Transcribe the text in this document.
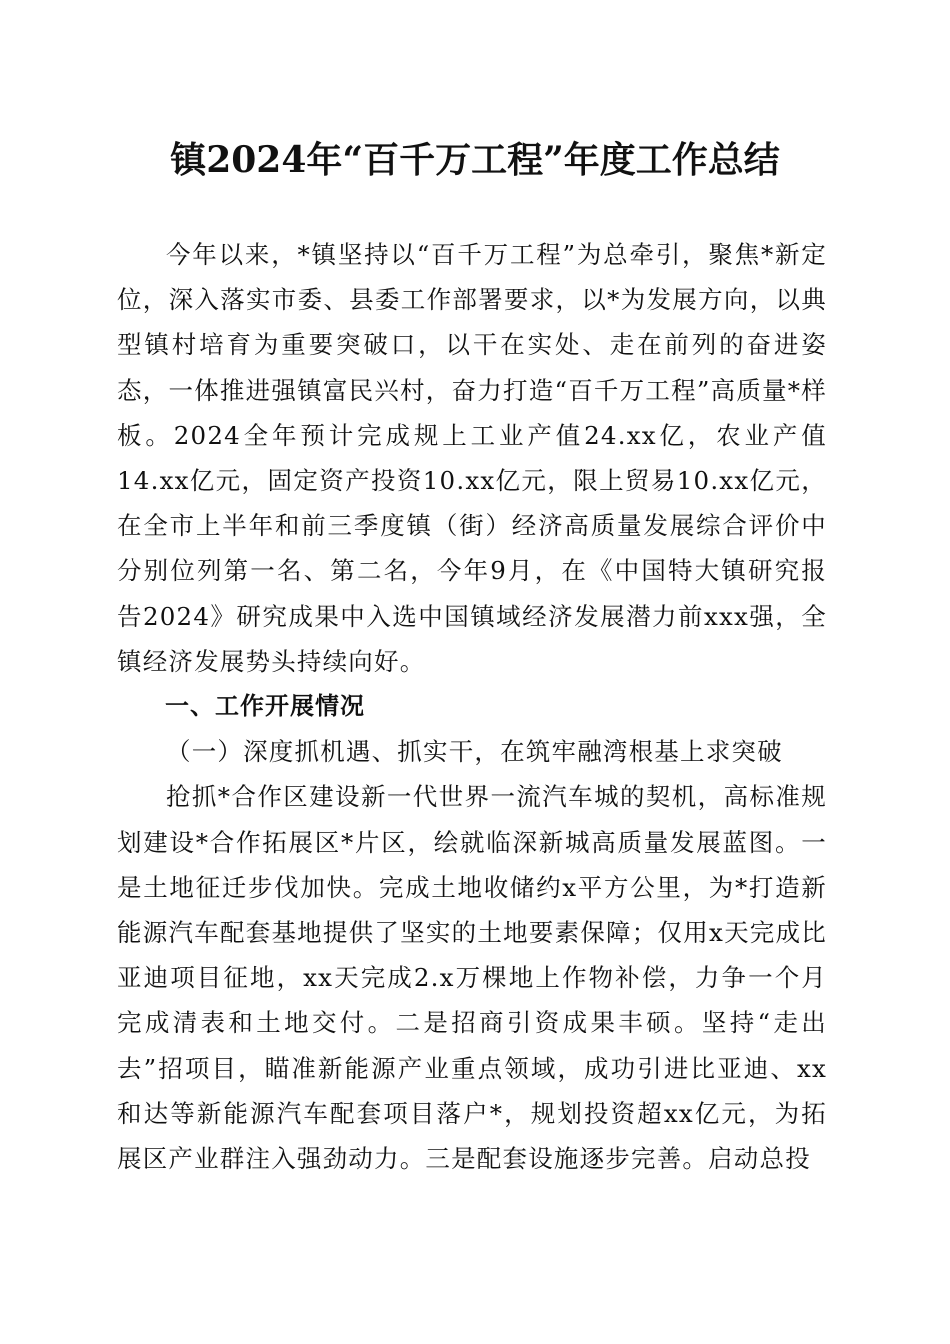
镇2024年“百千万工程”年度工作总结

今年以来，*镇坚持以“百千万工程”为总牵引，聚焦*新定位，深入落实市委、县委工作部署要求，以*为发展方向，以典型镇村培育为重要突破口，以干在实处、走在前列的奋进姿态，一体推进强镇富民兴村，奋力打造“百千万工程”高质量*样板。2024全年预计完成规上工业产值24.xx亿，农业产值14.xx亿元，固定资产投资10.xx亿元，限上贸易10.xx亿元，在全市上半年和前三季度镇（街）经济高质量发展综合评价中分别位列第一名、第二名，今年9月，在《中国特大镇研究报告2024》研究成果中入选中国镇域经济发展潜力前xxx强，全镇经济发展势头持续向好。

一、工作开展情况

（一）深度抓机遇、抓实干，在筑牢融湾根基上求突破

抢抓*合作区建设新一代世界一流汽车城的契机，高标准规划建设*合作拓展区*片区，绘就临深新城高质量发展蓝图。一是土地征迁步伐加快。完成土地收储约x平方公里，为*打造新能源汽车配套基地提供了坚实的土地要素保障；仅用x天完成比亚迪项目征地，xx天完成2.x万棵地上作物补偿，力争一个月完成清表和土地交付。二是招商引资成果丰硕。坚持“走出去”招项目，瞄准新能源产业重点领域，成功引进比亚迪、xx和达等新能源汽车配套项目落户*，规划投资超xx亿元，为拓展区产业群注入强劲动力。三是配套设施逐步完善。启动总投
